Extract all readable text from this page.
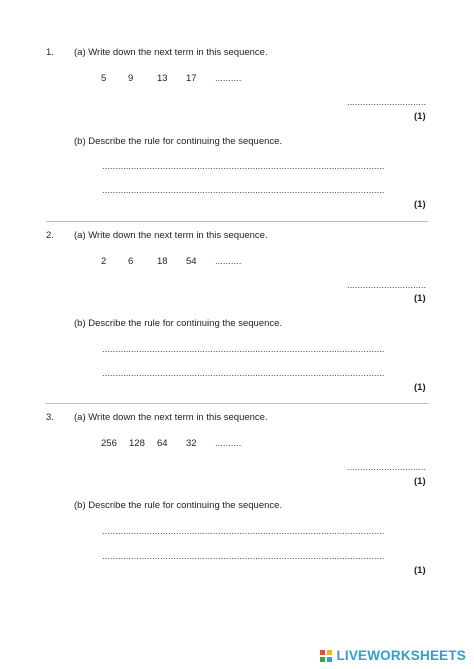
1. (a) Write down the next term in this sequence.
5 9 13 17 ..........
..............................
(1)
(b) Describe the rule for continuing the sequence.
...........................................................................................................
...........................................................................................................
(1)
2. (a) Write down the next term in this sequence.
2 6 18 54 ..........
..............................
(1)
(b) Describe the rule for continuing the sequence.
...........................................................................................................
...........................................................................................................
(1)
3. (a) Write down the next term in this sequence.
256 128 64 32 ..........
..............................
(1)
(b) Describe the rule for continuing the sequence.
...........................................................................................................
...........................................................................................................
(1)
LIVEWORKSHEETS
